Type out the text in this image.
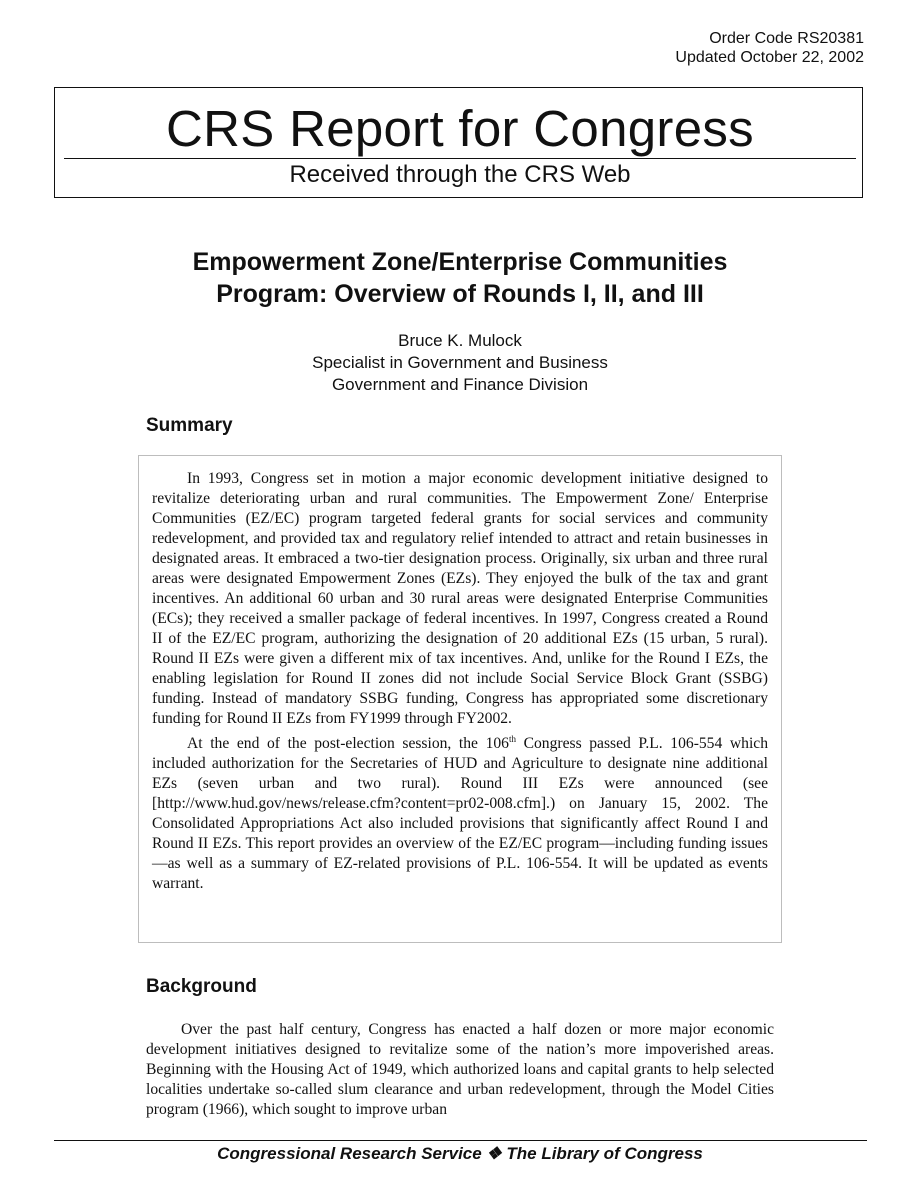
Order Code RS20381
Updated October 22, 2002
CRS Report for Congress
Received through the CRS Web
Empowerment Zone/Enterprise Communities
Program: Overview of Rounds I, II, and III
Bruce K. Mulock
Specialist in Government and Business
Government and Finance Division
Summary

In 1993, Congress set in motion a major economic development initiative designed to revitalize deteriorating urban and rural communities. The Empowerment Zone/ Enterprise Communities (EZ/EC) program targeted federal grants for social services and community redevelopment, and provided tax and regulatory relief intended to attract and retain businesses in designated areas. It embraced a two-tier designation process. Originally, six urban and three rural areas were designated Empowerment Zones (EZs). They enjoyed the bulk of the tax and grant incentives. An additional 60 urban and 30 rural areas were designated Enterprise Communities (ECs); they received a smaller package of federal incentives. In 1997, Congress created a Round II of the EZ/EC program, authorizing the designation of 20 additional EZs (15 urban, 5 rural). Round II EZs were given a different mix of tax incentives. And, unlike for the Round I EZs, the enabling legislation for Round II zones did not include Social Service Block Grant (SSBG) funding. Instead of mandatory SSBG funding, Congress has appropriated some discretionary funding for Round II EZs from FY1999 through FY2002.

At the end of the post-election session, the 106th Congress passed P.L. 106-554 which included authorization for the Secretaries of HUD and Agriculture to designate nine additional EZs (seven urban and two rural). Round III EZs were announced (see [http://www.hud.gov/news/release.cfm?content=pr02-008.cfm].) on January 15, 2002. The Consolidated Appropriations Act also included provisions that significantly affect Round I and Round II EZs. This report provides an overview of the EZ/EC program—including funding issues—as well as a summary of EZ-related provisions of P.L. 106-554. It will be updated as events warrant.

Background

Over the past half century, Congress has enacted a half dozen or more major economic development initiatives designed to revitalize some of the nation’s more impoverished areas. Beginning with the Housing Act of 1949, which authorized loans and capital grants to help selected localities undertake so-called slum clearance and urban redevelopment, through the Model Cities program (1966), which sought to improve urban

Congressional Research Service ❖ The Library of Congress
